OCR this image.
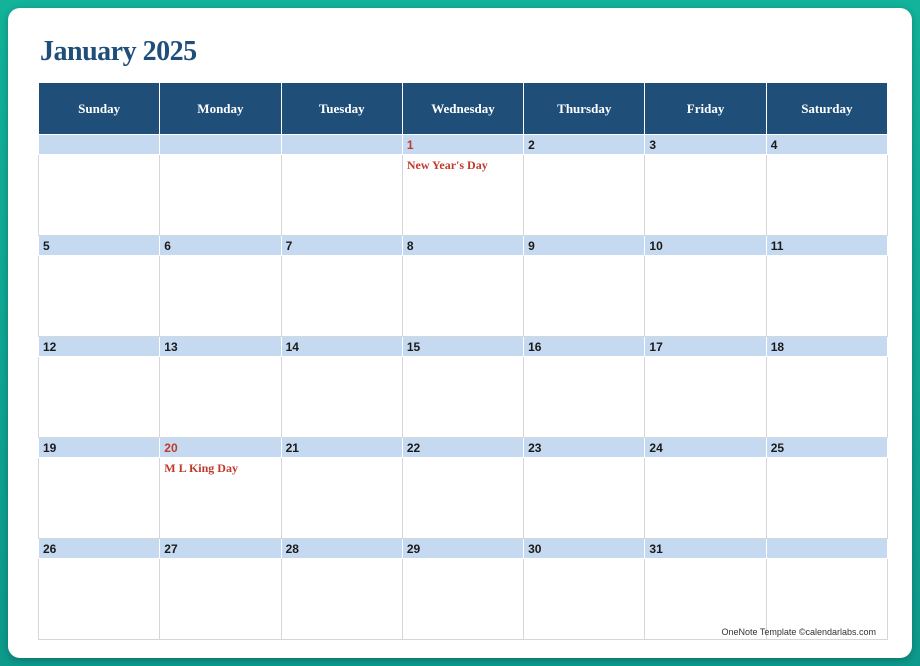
January 2025
Sunday	Monday	Tuesday	Wednesday	Thursday	Friday	Saturday
			1	2	3	4

			New Year's Day			

5	6	7	8	9	10	11

12	13	14	15	16	17	18

19	20	21	22	23	24	25

	M L King Day					

26	27	28	29	30	31	

OneNote Template ©calendarlabs.com
